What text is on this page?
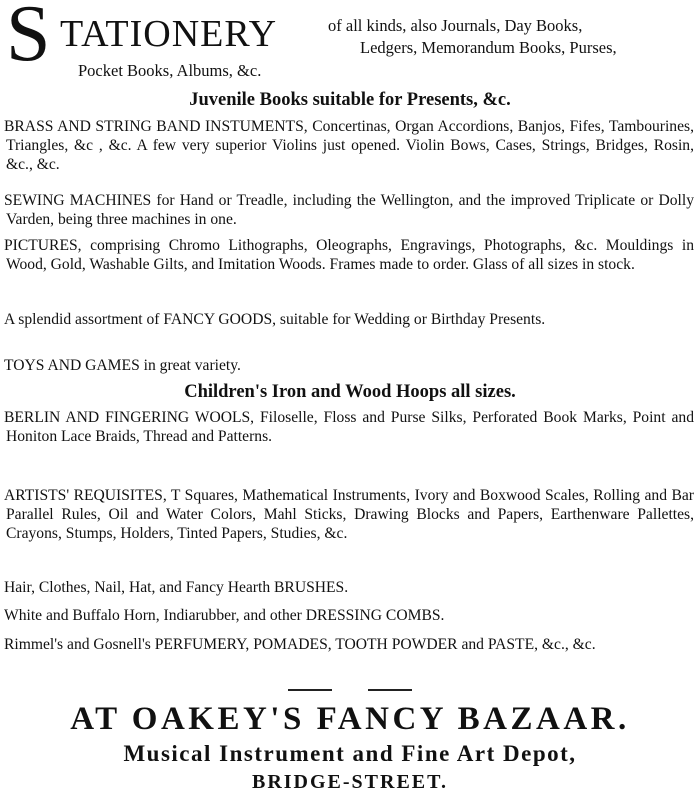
S TATIONERY	of all kinds, also Journals, Day Books,
Ledgers, Memorandum Books, Purses,
Pocket Books, Albums, &c.
Juvenile Books suitable for Presents, &c.
BRASS AND STRING BAND INSTUMENTS, Concertinas, Organ Accordions, Banjos, Fifes, Tambourines, Triangles, &c , &c. A few very superior Violins just opened. Violin Bows, Cases, Strings, Bridges, Rosin, &c., &c.
SEWING MACHINES for Hand or Treadle, including the Wellington, and the improved Triplicate or Dolly Varden, being three machines in one.
PICTURES, comprising Chromo Lithographs, Oleographs, Engravings, Photographs, &c. Mouldings in Wood, Gold, Washable Gilts, and Imitation Woods. Frames made to order. Glass of all sizes in stock.
A splendid assortment of FANCY GOODS, suitable for Wedding or Birthday Presents.
TOYS AND GAMES in great variety.
Children's Iron and Wood Hoops all sizes.
BERLIN AND FINGERING WOOLS, Filoselle, Floss and Purse Silks, Perforated Book Marks, Point and Honiton Lace Braids, Thread and Patterns.
ARTISTS' REQUISITES, T Squares, Mathematical Instruments, Ivory and Boxwood Scales, Rolling and Bar Parallel Rules, Oil and Water Colors, Mahl Sticks, Drawing Blocks and Papers, Earthenware Pallettes, Crayons, Stumps, Holders, Tinted Papers, Studies, &c.
Hair, Clothes, Nail, Hat, and Fancy Hearth BRUSHES.
White and Buffalo Horn, Indiarubber, and other DRESSING COMBS.
Rimmel's and Gosnell's PERFUMERY, POMADES, TOOTH POWDER and PASTE, &c., &c.
AT OAKEY'S FANCY BAZAAR.
Musical Instrument and Fine Art Depot,
BRIDGE-STREET.
